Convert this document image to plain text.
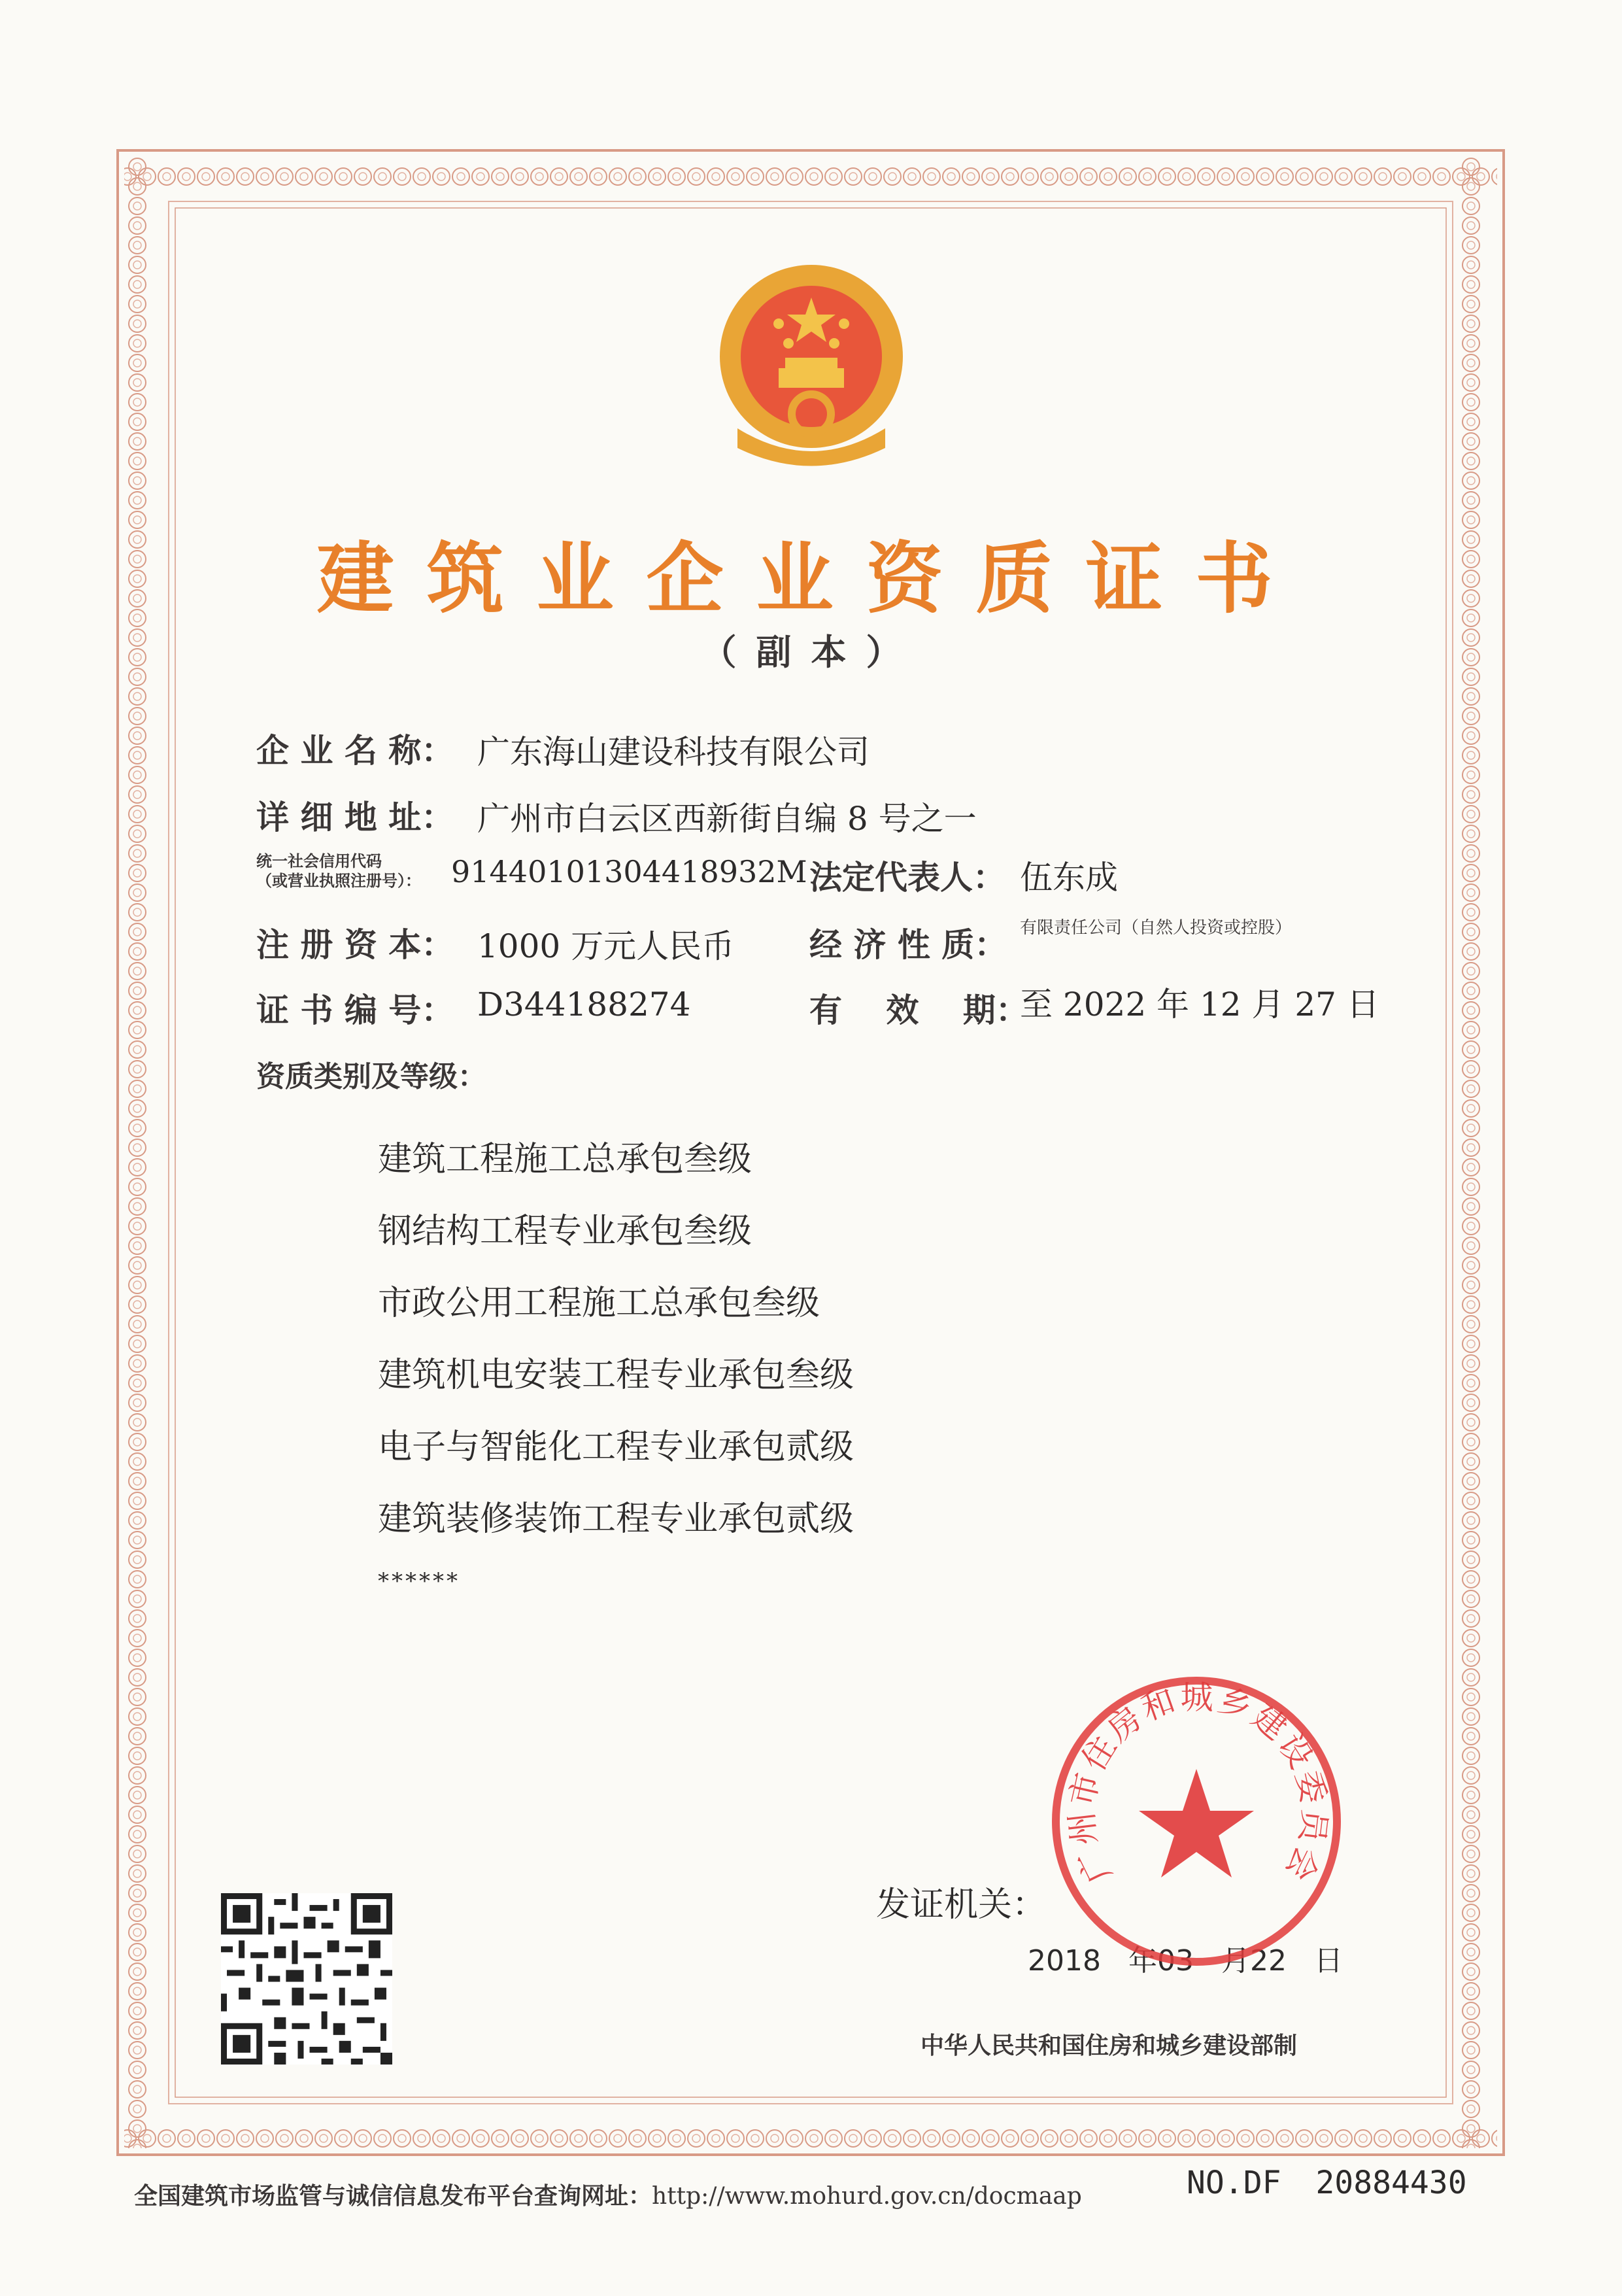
建筑业企业资质证书
（副本）
企 业 名 称： 广东海山建设科技有限公司
详 细 地 址： 广州市白云区西新街自编 8 号之一
统一社会信用代码
（或营业执照注册号）： 91440101304418932M 法定代表人： 伍东成
注 册 资 本： 1000 万元人民币 经 济 性 质： 有限责任公司（自然人投资或控股）
证 书 编 号： D344188274	有　 效 　期：
至 2022 年 12 月 27 日
资质类别及等级：
建筑工程施工总承包叁级
钢结构工程专业承包叁级
市政公用工程施工总承包叁级
建筑机电安装工程专业承包叁级
电子与智能化工程专业承包贰级
建筑装修装饰工程专业承包贰级
******
发证机关：
2018 年03 月22 日
广州市住房和城乡建设委员会
中华人民共和国住房和城乡建设部制
全国建筑市场监管与诚信信息发布平台查询网址：http://www.mohurd.gov.cn/docmaap	NO.DF 20884430
